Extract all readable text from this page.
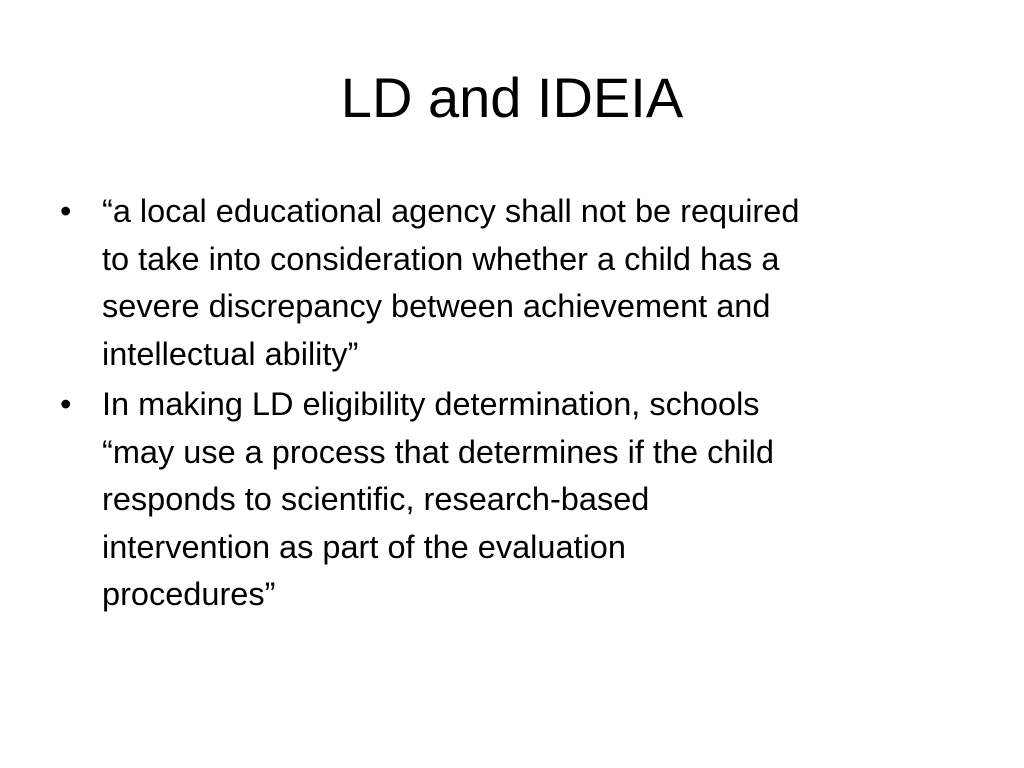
LD and IDEIA
• “a local educational agency shall not be required
to take into consideration whether a child has a
severe discrepancy between achievement and
intellectual ability”
• In making LD eligibility determination, schools
“may use a process that determines if the child
responds to scientific, research-based
intervention as part of the evaluation
procedures”
